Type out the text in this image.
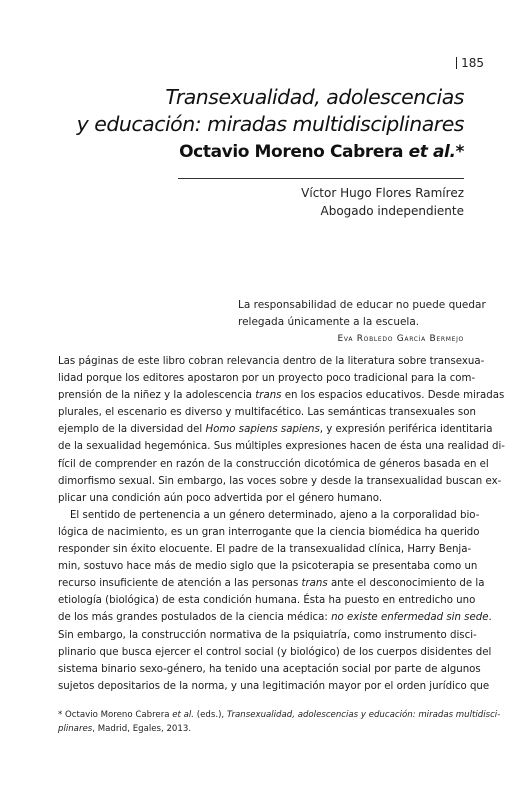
185
Transexualidad, adolescencias
y educación: miradas multidisciplinares
Octavio Moreno Cabrera et al.*
Víctor Hugo Flores Ramírez
Abogado independiente
La responsabilidad de educar no puede quedar
relegada únicamente a la escuela.
Eva Robledo García Bermejo
Las páginas de este libro cobran relevancia dentro de la literatura sobre transexua-
lidad porque los editores apostaron por un proyecto poco tradicional para la com-
prensión de la niñez y la adolescencia trans en los espacios educativos. Desde miradas
plurales, el escenario es diverso y multifacético. Las semánticas transexuales son
ejemplo de la diversidad del Homo sapiens sapiens, y expresión periférica identitaria
de la sexualidad hegemónica. Sus múltiples expresiones hacen de ésta una realidad di-
fícil de comprender en razón de la construcción dicotómica de géneros basada en el
dimorfismo sexual. Sin embargo, las voces sobre y desde la transexualidad buscan ex-
plicar una condición aún poco advertida por el género humano.
El sentido de pertenencia a un género determinado, ajeno a la corporalidad bio-
lógica de nacimiento, es un gran interrogante que la ciencia biomédica ha querido
responder sin éxito elocuente. El padre de la transexualidad clínica, Harry Benja-
min, sostuvo hace más de medio siglo que la psicoterapia se presentaba como un
recurso insuficiente de atención a las personas trans ante el desconocimiento de la
etiología (biológica) de esta condición humana. Ésta ha puesto en entredicho uno
de los más grandes postulados de la ciencia médica: no existe enfermedad sin sede.
Sin embargo, la construcción normativa de la psiquiatría, como instrumento disci-
plinario que busca ejercer el control social (y biológico) de los cuerpos disidentes del
sistema binario sexo-género, ha tenido una aceptación social por parte de algunos
sujetos depositarios de la norma, y una legitimación mayor por el orden jurídico que
* Octavio Moreno Cabrera et al. (eds.), Transexualidad, adolescencias y educación: miradas multidisci-
plinares, Madrid, Egales, 2013.
